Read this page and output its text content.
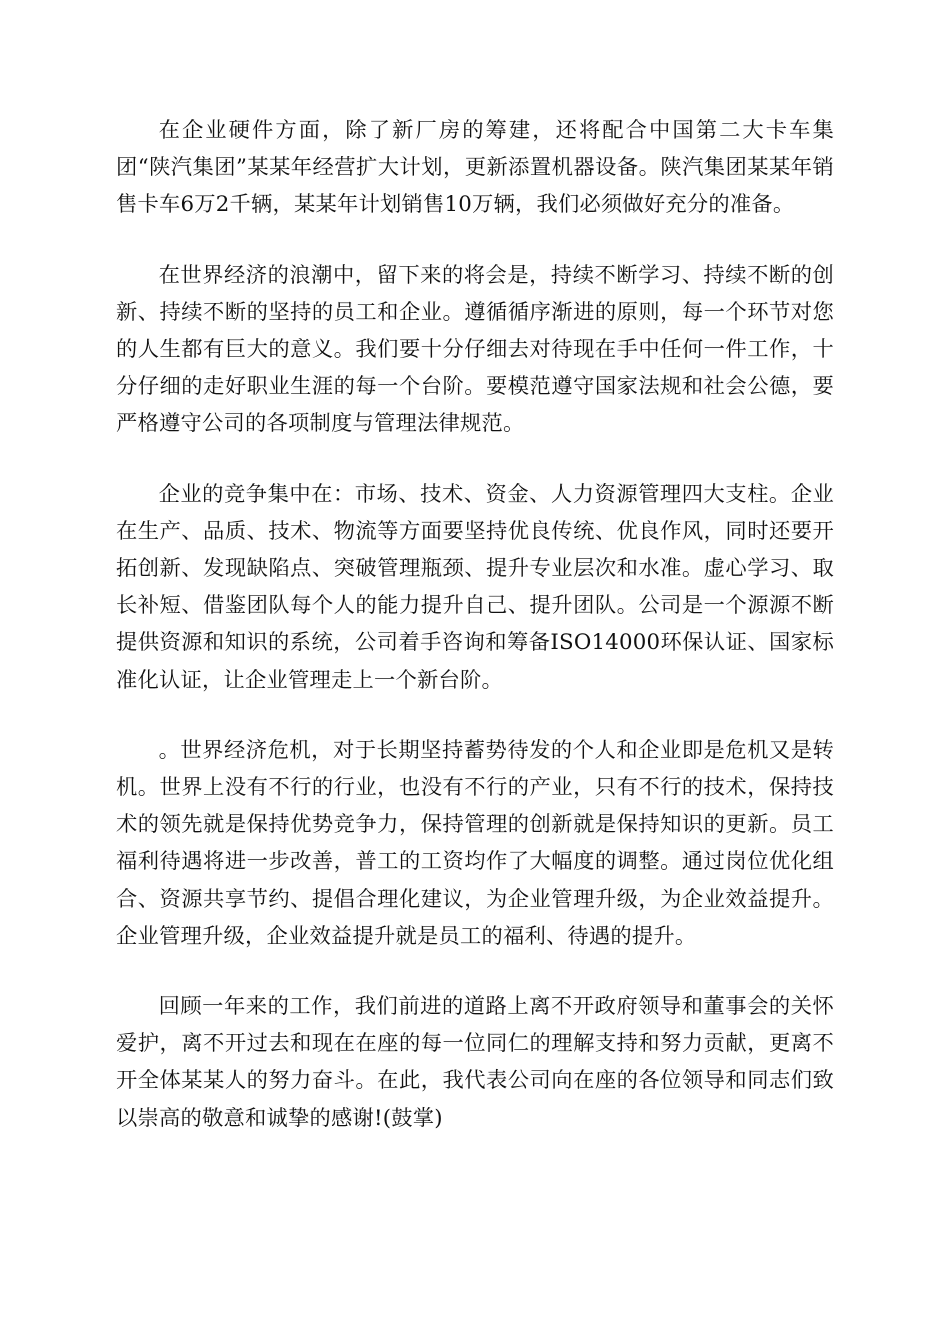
在企业硬件方面，除了新厂房的筹建，还将配合中国第二大卡车集团“陕汽集团”某某年经营扩大计划，更新添置机器设备。陕汽集团某某年销售卡车6万2千辆，某某年计划销售10万辆，我们必须做好充分的准备。

在世界经济的浪潮中，留下来的将会是，持续不断学习、持续不断的创新、持续不断的坚持的员工和企业。遵循循序渐进的原则，每一个环节对您的人生都有巨大的意义。我们要十分仔细去对待现在手中任何一件工作，十分仔细的走好职业生涯的每一个台阶。要模范遵守国家法规和社会公德，要严格遵守公司的各项制度与管理法律规范。

企业的竞争集中在：市场、技术、资金、人力资源管理四大支柱。企业在生产、品质、技术、物流等方面要坚持优良传统、优良作风，同时还要开拓创新、发现缺陷点、突破管理瓶颈、提升专业层次和水准。虚心学习、取长补短、借鉴团队每个人的能力提升自己、提升团队。公司是一个源源不断提供资源和知识的系统，公司着手咨询和筹备ISO14000环保认证、国家标准化认证，让企业管理走上一个新台阶。

。世界经济危机，对于长期坚持蓄势待发的个人和企业即是危机又是转机。世界上没有不行的行业，也没有不行的产业，只有不行的技术，保持技术的领先就是保持优势竞争力，保持管理的创新就是保持知识的更新。员工福利待遇将进一步改善，普工的工资均作了大幅度的调整。通过岗位优化组合、资源共享节约、提倡合理化建议，为企业管理升级，为企业效益提升。企业管理升级，企业效益提升就是员工的福利、待遇的提升。

回顾一年来的工作，我们前进的道路上离不开政府领导和董事会的关怀爱护，离不开过去和现在在座的每一位同仁的理解支持和努力贡献，更离不开全体某某人的努力奋斗。在此，我代表公司向在座的各位领导和同志们致以崇高的敬意和诚挚的感谢!(鼓掌)
